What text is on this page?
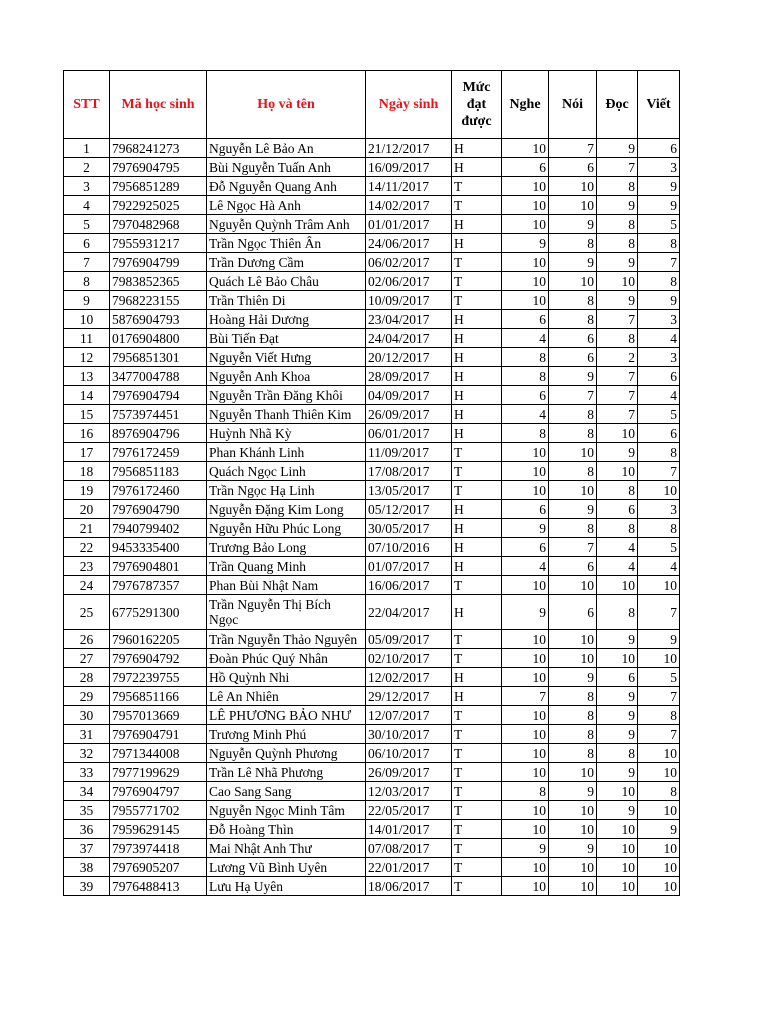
STT	Mã học sinh	Họ và tên	Ngày sinh	Mức đạt được	Nghe	Nói	Đọc	Viết
1	7968241273	Nguyễn Lê Bảo An	21/12/2017	H	10	7	9	6
2	7976904795	Bùi Nguyễn Tuấn Anh	16/09/2017	H	6	6	7	3
3	7956851289	Đỗ Nguyễn Quang Anh	14/11/2017	T	10	10	8	9
4	7922925025	Lê Ngọc Hà Anh	14/02/2017	T	10	10	9	9
5	7970482968	Nguyễn Quỳnh Trâm Anh	01/01/2017	H	10	9	8	5
6	7955931217	Trần Ngọc Thiên Ân	24/06/2017	H	9	8	8	8
7	7976904799	Trần Dương Cầm	06/02/2017	T	10	9	9	7
8	7983852365	Quách Lê Bảo Châu	02/06/2017	T	10	10	10	8
9	7968223155	Trần Thiên Di	10/09/2017	T	10	8	9	9
10	5876904793	Hoàng Hải Dương	23/04/2017	H	6	8	7	3
11	0176904800	Bùi Tiến Đạt	24/04/2017	H	4	6	8	4
12	7956851301	Nguyễn Viết Hưng	20/12/2017	H	8	6	2	3
13	3477004788	Nguyễn Anh Khoa	28/09/2017	H	8	9	7	6
14	7976904794	Nguyễn Trần Đăng Khôi	04/09/2017	H	6	7	7	4
15	7573974451	Nguyễn Thanh Thiên Kim	26/09/2017	H	4	8	7	5
16	8976904796	Huỳnh Nhã Kỳ	06/01/2017	H	8	8	10	6
17	7976172459	Phan Khánh Linh	11/09/2017	T	10	10	9	8
18	7956851183	Quách Ngọc Linh	17/08/2017	T	10	8	10	7
19	7976172460	Trần Ngọc Hạ Linh	13/05/2017	T	10	10	8	10
20	7976904790	Nguyễn Đặng Kim Long	05/12/2017	H	6	9	6	3
21	7940799402	Nguyễn Hữu Phúc Long	30/05/2017	H	9	8	8	8
22	9453335400	Trương Bảo Long	07/10/2016	H	6	7	4	5
23	7976904801	Trần Quang Minh	01/07/2017	H	4	6	4	4
24	7976787357	Phan Bùi Nhật Nam	16/06/2017	T	10	10	10	10
25	6775291300	Trần Nguyễn Thị Bích Ngọc	22/04/2017	H	9	6	8	7
26	7960162205	Trần Nguyễn Thảo Nguyên	05/09/2017	T	10	10	9	9
27	7976904792	Đoàn Phúc Quý Nhân	02/10/2017	T	10	10	10	10
28	7972239755	Hồ Quỳnh Nhi	12/02/2017	H	10	9	6	5
29	7956851166	Lê An Nhiên	29/12/2017	H	7	8	9	7
30	7957013669	LÊ PHƯƠNG BẢO NHƯ	12/07/2017	T	10	8	9	8
31	7976904791	Trương Minh Phú	30/10/2017	T	10	8	9	7
32	7971344008	Nguyễn Quỳnh Phương	06/10/2017	T	10	8	8	10
33	7977199629	Trần Lê Nhã Phương	26/09/2017	T	10	10	9	10
34	7976904797	Cao Sang Sang	12/03/2017	T	8	9	10	8
35	7955771702	Nguyễn Ngọc Minh Tâm	22/05/2017	T	10	10	9	10
36	7959629145	Đỗ Hoàng Thìn	14/01/2017	T	10	10	10	9
37	7973974418	Mai Nhật Anh Thư	07/08/2017	T	9	9	10	10
38	7976905207	Lương Vũ Bình Uyên	22/01/2017	T	10	10	10	10
39	7976488413	Lưu Hạ Uyên	18/06/2017	T	10	10	10	10
